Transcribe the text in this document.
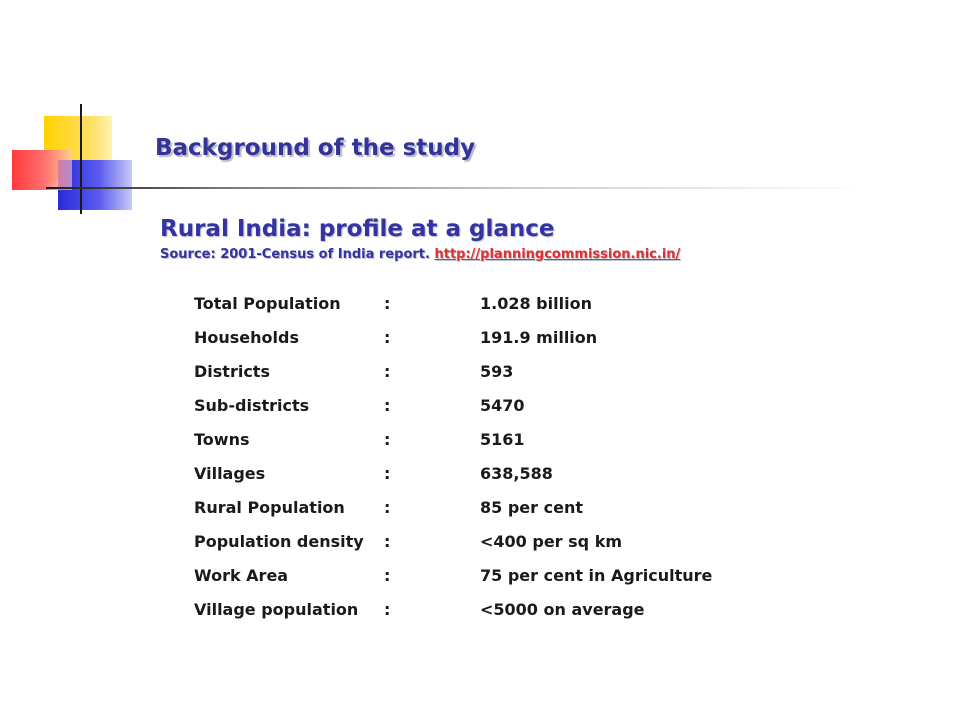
Background of the study
Rural India: profile at a glance

Source: 2001-Census of India report. http://planningcommission.nic.in/

Total Population	:	1.028 billion
Households	:	191.9 million
Districts	:	593
Sub-districts	:	5470
Towns	:	5161
Villages	:	638,588
Rural Population	:	85 per cent
Population density	:	<400 per sq km
Work Area	:	75 per cent in Agriculture
Village population	:	<5000 on average
